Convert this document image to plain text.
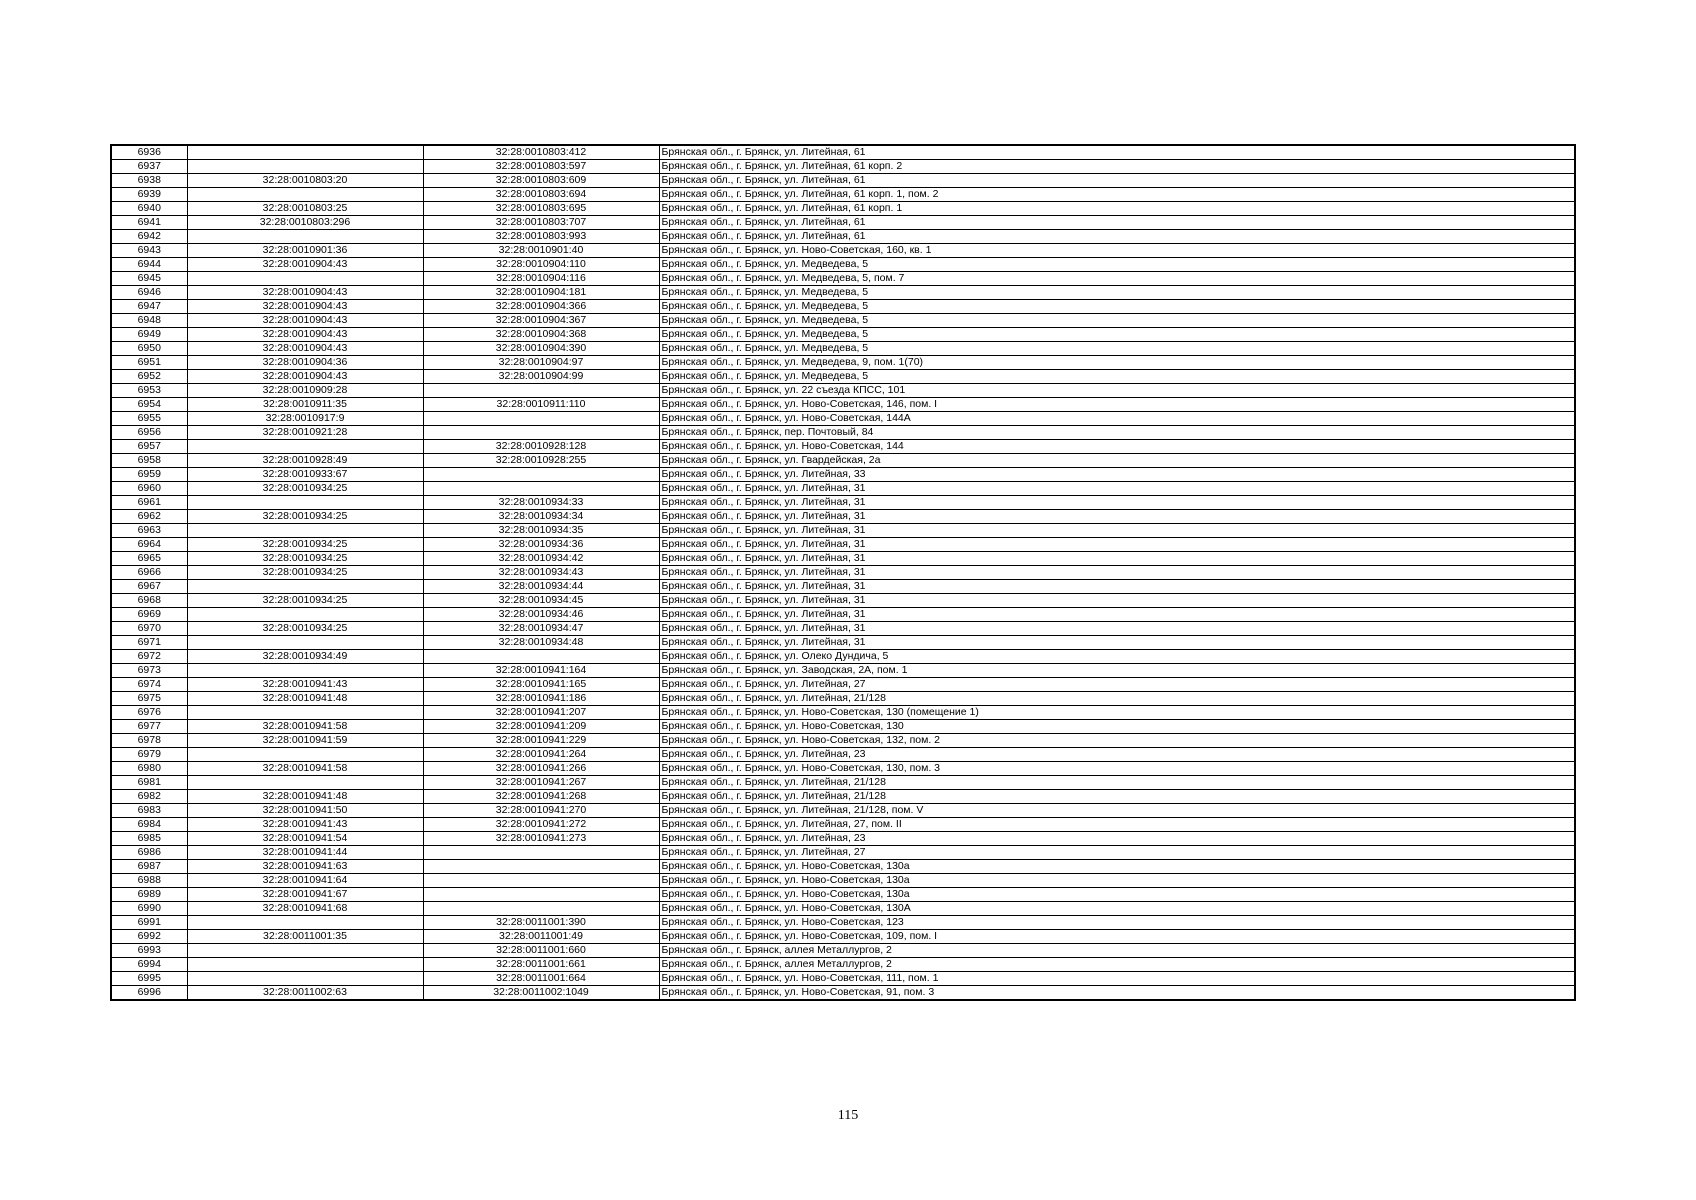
6936		32:28:0010803:412	Брянская обл., г. Брянск, ул. Литейная, 61
6937		32:28:0010803:597	Брянская обл., г. Брянск, ул. Литейная, 61 корп. 2
6938	32:28:0010803:20	32:28:0010803:609	Брянская обл., г. Брянск, ул. Литейная, 61
6939		32:28:0010803:694	Брянская обл., г. Брянск, ул. Литейная, 61 корп. 1, пом. 2
6940	32:28:0010803:25	32:28:0010803:695	Брянская обл., г. Брянск, ул. Литейная, 61 корп. 1
6941	32:28:0010803:296	32:28:0010803:707	Брянская обл., г. Брянск, ул. Литейная, 61
6942		32:28:0010803:993	Брянская обл., г. Брянск, ул. Литейная, 61
6943	32:28:0010901:36	32:28:0010901:40	Брянская обл., г. Брянск, ул. Ново-Советская, 160, кв. 1
6944	32:28:0010904:43	32:28:0010904:110	Брянская обл., г. Брянск, ул. Медведева, 5
6945		32:28:0010904:116	Брянская обл., г. Брянск, ул. Медведева, 5, пом. 7
6946	32:28:0010904:43	32:28:0010904:181	Брянская обл., г. Брянск, ул. Медведева, 5
6947	32:28:0010904:43	32:28:0010904:366	Брянская обл., г. Брянск, ул. Медведева, 5
6948	32:28:0010904:43	32:28:0010904:367	Брянская обл., г. Брянск, ул. Медведева, 5
6949	32:28:0010904:43	32:28:0010904:368	Брянская обл., г. Брянск, ул. Медведева, 5
6950	32:28:0010904:43	32:28:0010904:390	Брянская обл., г. Брянск, ул. Медведева, 5
6951	32:28:0010904:36	32:28:0010904:97	Брянская обл., г. Брянск, ул. Медведева, 9, пом. 1(70)
6952	32:28:0010904:43	32:28:0010904:99	Брянская обл., г. Брянск, ул. Медведева, 5
6953	32:28:0010909:28		Брянская обл., г. Брянск, ул. 22 съезда КПСС, 101
6954	32:28:0010911:35	32:28:0010911:110	Брянская обл., г. Брянск, ул. Ново-Советская, 146, пом. I
6955	32:28:0010917:9		Брянская обл., г. Брянск, ул. Ново-Советская, 144А
6956	32:28:0010921:28		Брянская обл., г. Брянск, пер. Почтовый, 84
6957		32:28:0010928:128	Брянская обл., г. Брянск, ул. Ново-Советская, 144
6958	32:28:0010928:49	32:28:0010928:255	Брянская обл., г. Брянск, ул. Гвардейская, 2а
6959	32:28:0010933:67		Брянская обл., г. Брянск, ул. Литейная, 33
6960	32:28:0010934:25		Брянская обл., г. Брянск, ул. Литейная, 31
6961		32:28:0010934:33	Брянская обл., г. Брянск, ул. Литейная, 31
6962	32:28:0010934:25	32:28:0010934:34	Брянская обл., г. Брянск, ул. Литейная, 31
6963		32:28:0010934:35	Брянская обл., г. Брянск, ул. Литейная, 31
6964	32:28:0010934:25	32:28:0010934:36	Брянская обл., г. Брянск, ул. Литейная, 31
6965	32:28:0010934:25	32:28:0010934:42	Брянская обл., г. Брянск, ул. Литейная, 31
6966	32:28:0010934:25	32:28:0010934:43	Брянская обл., г. Брянск, ул. Литейная, 31
6967		32:28:0010934:44	Брянская обл., г. Брянск, ул. Литейная, 31
6968	32:28:0010934:25	32:28:0010934:45	Брянская обл., г. Брянск, ул. Литейная, 31
6969		32:28:0010934:46	Брянская обл., г. Брянск, ул. Литейная, 31
6970	32:28:0010934:25	32:28:0010934:47	Брянская обл., г. Брянск, ул. Литейная, 31
6971		32:28:0010934:48	Брянская обл., г. Брянск, ул. Литейная, 31
6972	32:28:0010934:49		Брянская обл., г. Брянск, ул. Олеко Дундича, 5
6973		32:28:0010941:164	Брянская обл., г. Брянск, ул. Заводская, 2А, пом. 1
6974	32:28:0010941:43	32:28:0010941:165	Брянская обл., г. Брянск, ул. Литейная, 27
6975	32:28:0010941:48	32:28:0010941:186	Брянская обл., г. Брянск, ул. Литейная, 21/128
6976		32:28:0010941:207	Брянская обл., г. Брянск, ул. Ново-Советская, 130 (помещение 1)
6977	32:28:0010941:58	32:28:0010941:209	Брянская обл., г. Брянск, ул. Ново-Советская, 130
6978	32:28:0010941:59	32:28:0010941:229	Брянская обл., г. Брянск, ул. Ново-Советская, 132, пом. 2
6979		32:28:0010941:264	Брянская обл., г. Брянск, ул. Литейная, 23
6980	32:28:0010941:58	32:28:0010941:266	Брянская обл., г. Брянск, ул. Ново-Советская, 130, пом. 3
6981		32:28:0010941:267	Брянская обл., г. Брянск, ул. Литейная, 21/128
6982	32:28:0010941:48	32:28:0010941:268	Брянская обл., г. Брянск, ул. Литейная, 21/128
6983	32:28:0010941:50	32:28:0010941:270	Брянская обл., г. Брянск, ул. Литейная, 21/128, пом. V
6984	32:28:0010941:43	32:28:0010941:272	Брянская обл., г. Брянск, ул. Литейная, 27, пом. II
6985	32:28:0010941:54	32:28:0010941:273	Брянская обл., г. Брянск, ул. Литейная, 23
6986	32:28:0010941:44		Брянская обл., г. Брянск, ул. Литейная, 27
6987	32:28:0010941:63		Брянская обл., г. Брянск, ул. Ново-Советская, 130а
6988	32:28:0010941:64		Брянская обл., г. Брянск, ул. Ново-Советская, 130а
6989	32:28:0010941:67		Брянская обл., г. Брянск, ул. Ново-Советская, 130а
6990	32:28:0010941:68		Брянская обл., г. Брянск, ул. Ново-Советская, 130А
6991		32:28:0011001:390	Брянская обл., г. Брянск, ул. Ново-Советская, 123
6992	32:28:0011001:35	32:28:0011001:49	Брянская обл., г. Брянск, ул. Ново-Советская, 109, пом. I
6993		32:28:0011001:660	Брянская обл., г. Брянск, аллея Металлургов, 2
6994		32:28:0011001:661	Брянская обл., г. Брянск, аллея Металлургов, 2
6995		32:28:0011001:664	Брянская обл., г. Брянск, ул. Ново-Советская, 111, пом. 1
6996	32:28:0011002:63	32:28:0011002:1049	Брянская обл., г. Брянск, ул. Ново-Советская, 91, пом. 3
115
